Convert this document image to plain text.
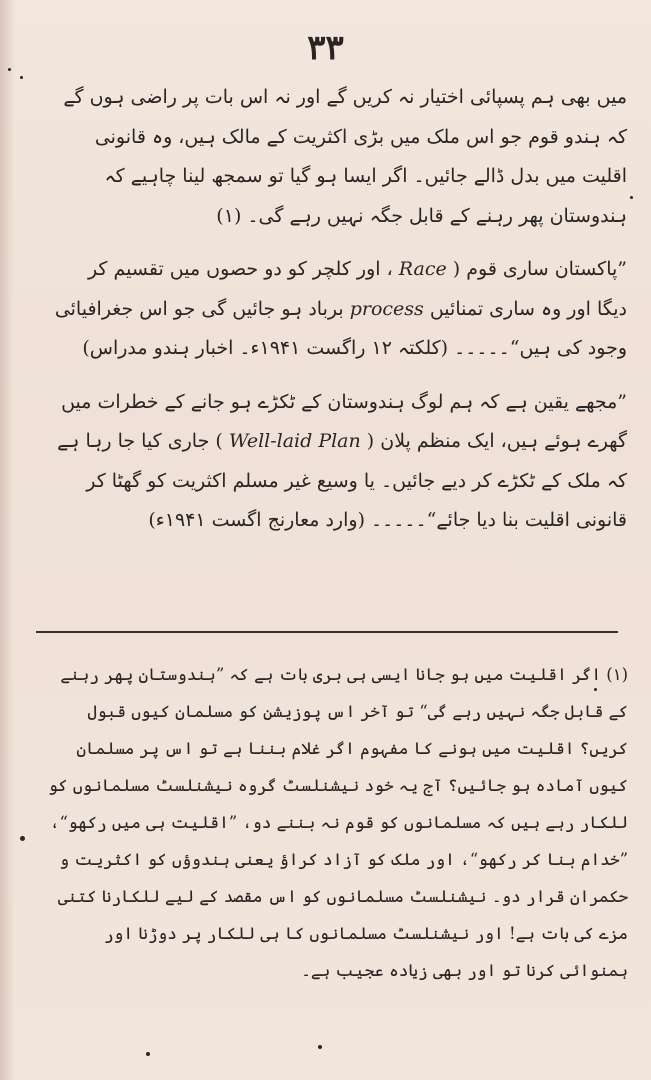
۳۳

میں بھی ہم پسپائی اختیار نہ کریں گے اور نہ اس بات پر راضی ہوں گے کہ ہندو قوم جو اس ملک میں بڑی اکثریت کے مالک ہیں، وہ قانونی اقلیت میں بدل ڈالے جائیں۔ اگر ایسا ہو گیا تو سمجھ لینا چاہیے کہ ہندوستان پھر رہنے کے قابل جگہ نہیں رہے گی۔ (۱)

”پاکستان ساری قوم ( Race ، اور کلچر کو دو حصوں میں تقسیم کر دیگا اور وہ ساری تمنائیں process برباد ہو جائیں گی جو اس جغرافیائی وجود کی ہیں“۔۔۔۔۔ (کلکتہ ۱۲ راگست ۱۹۴۱ء۔ اخبار ہندو مدراس)

”مجھے یقین ہے کہ ہم لوگ ہندوستان کے ٹکڑے ہو جانے کے خطرات میں گھرے ہوئے ہیں، ایک منظم پلان ( Well-laid Plan ) جاری کیا جا رہا ہے کہ ملک کے ٹکڑے کر دیے جائیں۔ یا وسیع غیر مسلم اکثریت کو گھٹا کر قانونی اقلیت بنا دیا جائے“۔۔۔۔۔ (وارد معارنج اگست ۱۹۴۱ء)

(۱) اگر اقلیت میں ہو جانا ایسی ہی بری بات ہے کہ ”ہندوستان پھر رہنے کے قابل جگہ نہیں رہے گی“ تو آخر اس پوزیشن کو مسلمان کیوں قبول کریں؟ اقلیت میں ہونے کا مفہوم اگر غلام بننا ہے تو اس پر مسلمان کیوں آمادہ ہو جائیں؟ آج یہ خود نیشنلسٹ گروہ نیشنلسٹ مسلمانوں کو للکار رہے ہیں کہ مسلمانوں کو قوم نہ بننے دو، ”اقلیت ہی میں رکھو“، ”خدام بنا کر رکھو“، اور ملک کو آزاد کراؤ یعنی ہندوؤں کو اکثریت و حکمران قرار دو۔ نیشنلسٹ مسلمانوں کو اس مقصد کے لیے للکارنا کتنی مزے کی بات ہے! اور نیشنلسٹ مسلمانوں کا ہی للکار پر دوڑنا اور ہمنوائی کرنا تو اور بھی زیادہ عجیب ہے۔
